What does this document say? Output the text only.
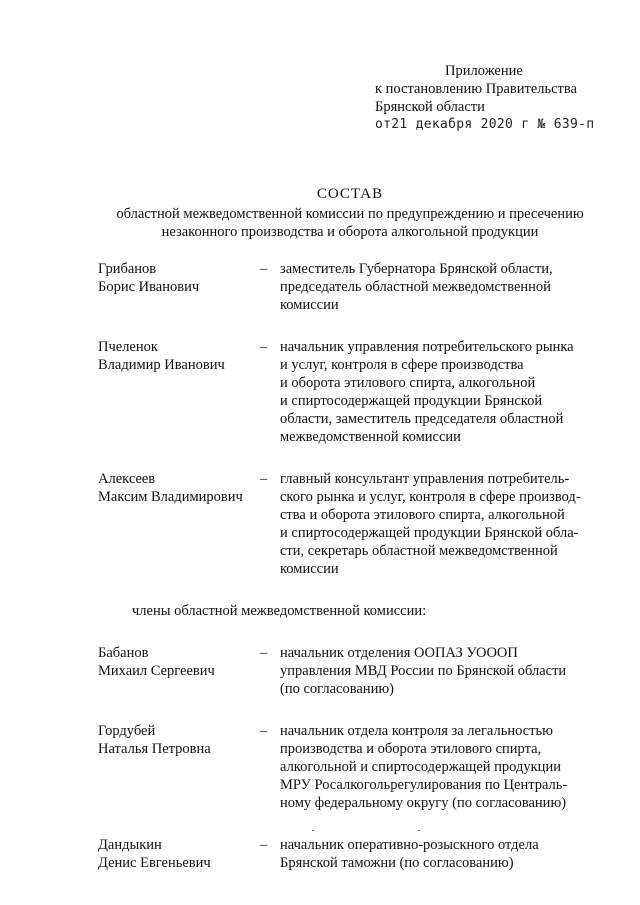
Приложение
к постановлению Правительства
Брянской области
от21 декабря 2020 г № 639-п
СОСТАВ
областной межведомственной комиссии по предупреждению и пресечению
незаконного производства и оборота алкогольной продукции
Грибанов
Борис Иванович
– заместитель Губернатора Брянской области,
председатель областной межведомственной
комиссии
Пчеленок
Владимир Иванович
– начальник управления потребительского рынка
и услуг, контроля в сфере производства
и оборота этилового спирта, алкогольной
и спиртосодержащей продукции Брянской
области, заместитель председателя областной
межведомственной комиссии
Алексеев
Максим Владимирович
– главный консультант управления потребитель-
ского рынка и услуг, контроля в сфере производ-
ства и оборота этилового спирта, алкогольной
и спиртосодержащей продукции Брянской обла-
сти, секретарь областной межведомственной
комиссии
члены областной межведомственной комиссии:
Бабанов
Михаил Сергеевич
– начальник отделения ООПАЗ УОООП
управления МВД России по Брянской области
(по согласованию)
Гордубей
Наталья Петровна
– начальник отдела контроля за легальностью
производства и оборота этилового спирта,
алкогольной и спиртосодержащей продукции
МРУ Росалкогольрегулирования по Централь-
ному федеральному округу (по согласованию)
Дандыкин
Денис Евгеньевич
– начальник оперативно-розыскного отдела
Брянской таможни (по согласованию)
